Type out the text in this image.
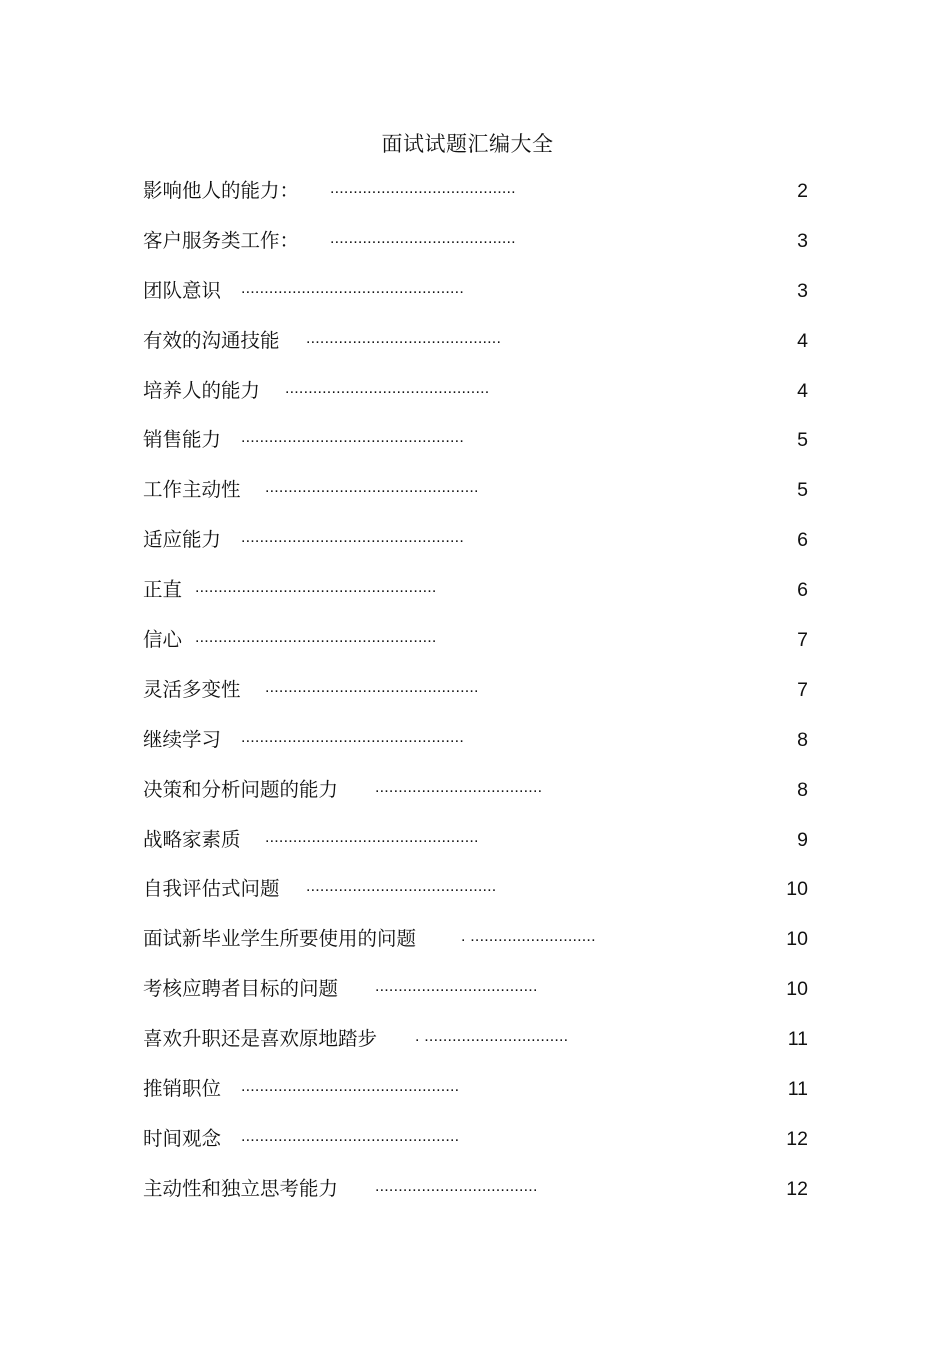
面试试题汇编大全
影响他人的能力： ........................................	2
客户服务类工作： ........................................	3
团队意识 ................................................	3
有效的沟通技能 ..........................................	4
培养人的能力 ............................................	4
销售能力 ................................................	5
工作主动性 ..............................................	5
适应能力 ................................................	6
正直 ....................................................	6
信心 ....................................................	7
灵活多变性 ..............................................	7
继续学习 ................................................	8
决策和分析问题的能力 ....................................	8
战略家素质 ..............................................	9
自我评估式问题 .........................................	10
面试新毕业学生所要使用的问题	. ...........................	10
考核应聘者目标的问题 ...................................	10
喜欢升职还是喜欢原地踏步 . ...............................	11
推销职位 ...............................................	11
时间观念 ...............................................	12
主动性和独立思考能力 ...................................	12
